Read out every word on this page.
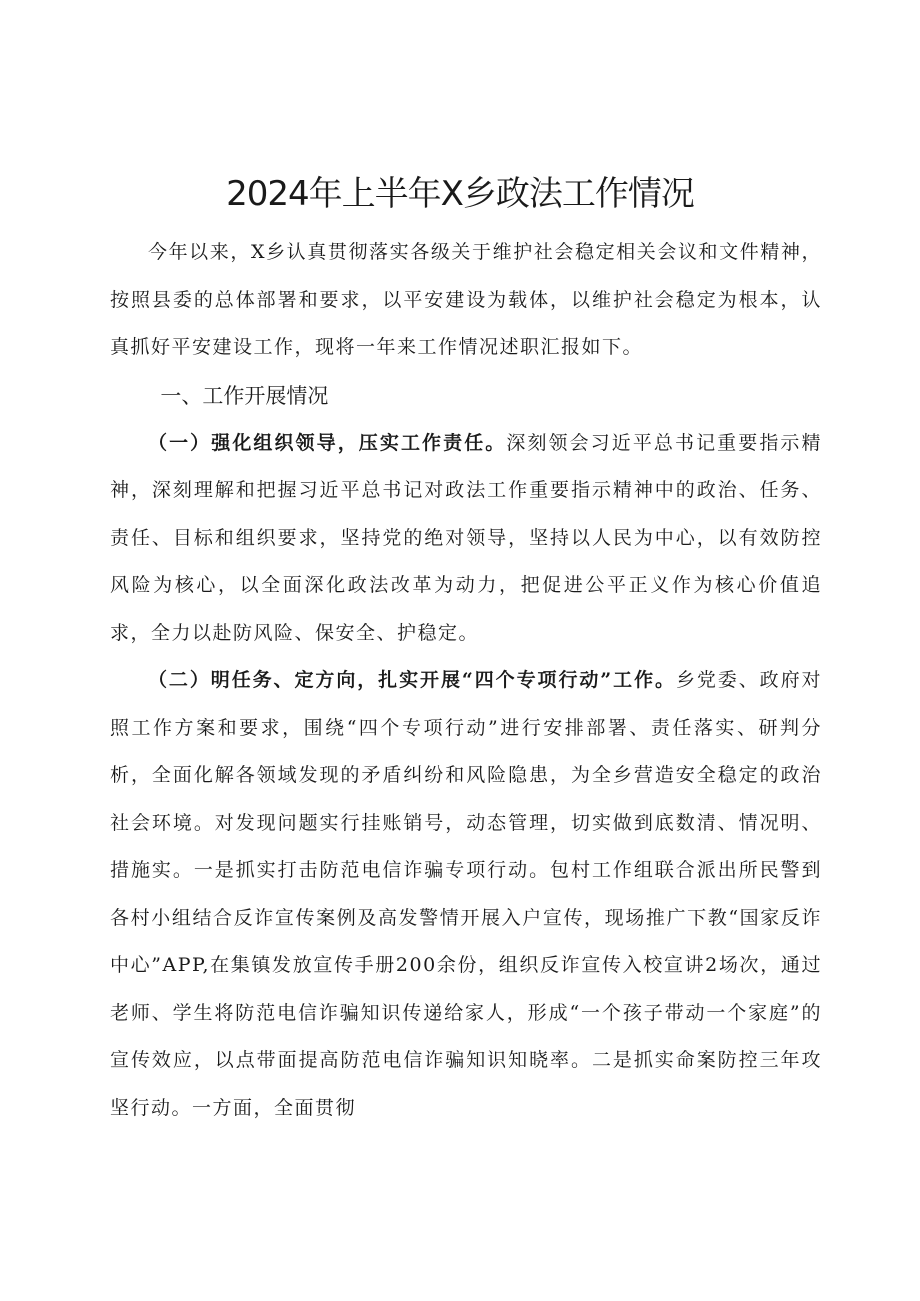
2024年上半年X乡政法工作情况

今年以来，X乡认真贯彻落实各级关于维护社会稳定相关会议和文件精神，按照县委的总体部署和要求，以平安建设为载体，以维护社会稳定为根本，认真抓好平安建设工作，现将一年来工作情况述职汇报如下。

一、工作开展情况

（一）强化组织领导，压实工作责任。深刻领会习近平总书记重要指示精神，深刻理解和把握习近平总书记对政法工作重要指示精神中的政治、任务、责任、目标和组织要求，坚持党的绝对领导，坚持以人民为中心，以有效防控风险为核心，以全面深化政法改革为动力，把促进公平正义作为核心价值追求，全力以赴防风险、保安全、护稳定。

（二）明任务、定方向，扎实开展“四个专项行动”工作。乡党委、政府对照工作方案和要求，围绕“四个专项行动”进行安排部署、责任落实、研判分析，全面化解各领域发现的矛盾纠纷和风险隐患，为全乡营造安全稳定的政治社会环境。对发现问题实行挂账销号，动态管理，切实做到底数清、情况明、措施实。一是抓实打击防范电信诈骗专项行动。包村工作组联合派出所民警到各村小组结合反诈宣传案例及高发警情开展入户宣传，现场推广下教“国家反诈中心”APP,在集镇发放宣传手册200余份，组织反诈宣传入校宣讲2场次，通过老师、学生将防范电信诈骗知识传递给家人，形成“一个孩子带动一个家庭”的宣传效应，以点带面提高防范电信诈骗知识知晓率。二是抓实命案防控三年攻坚行动。一方面，全面贯彻
